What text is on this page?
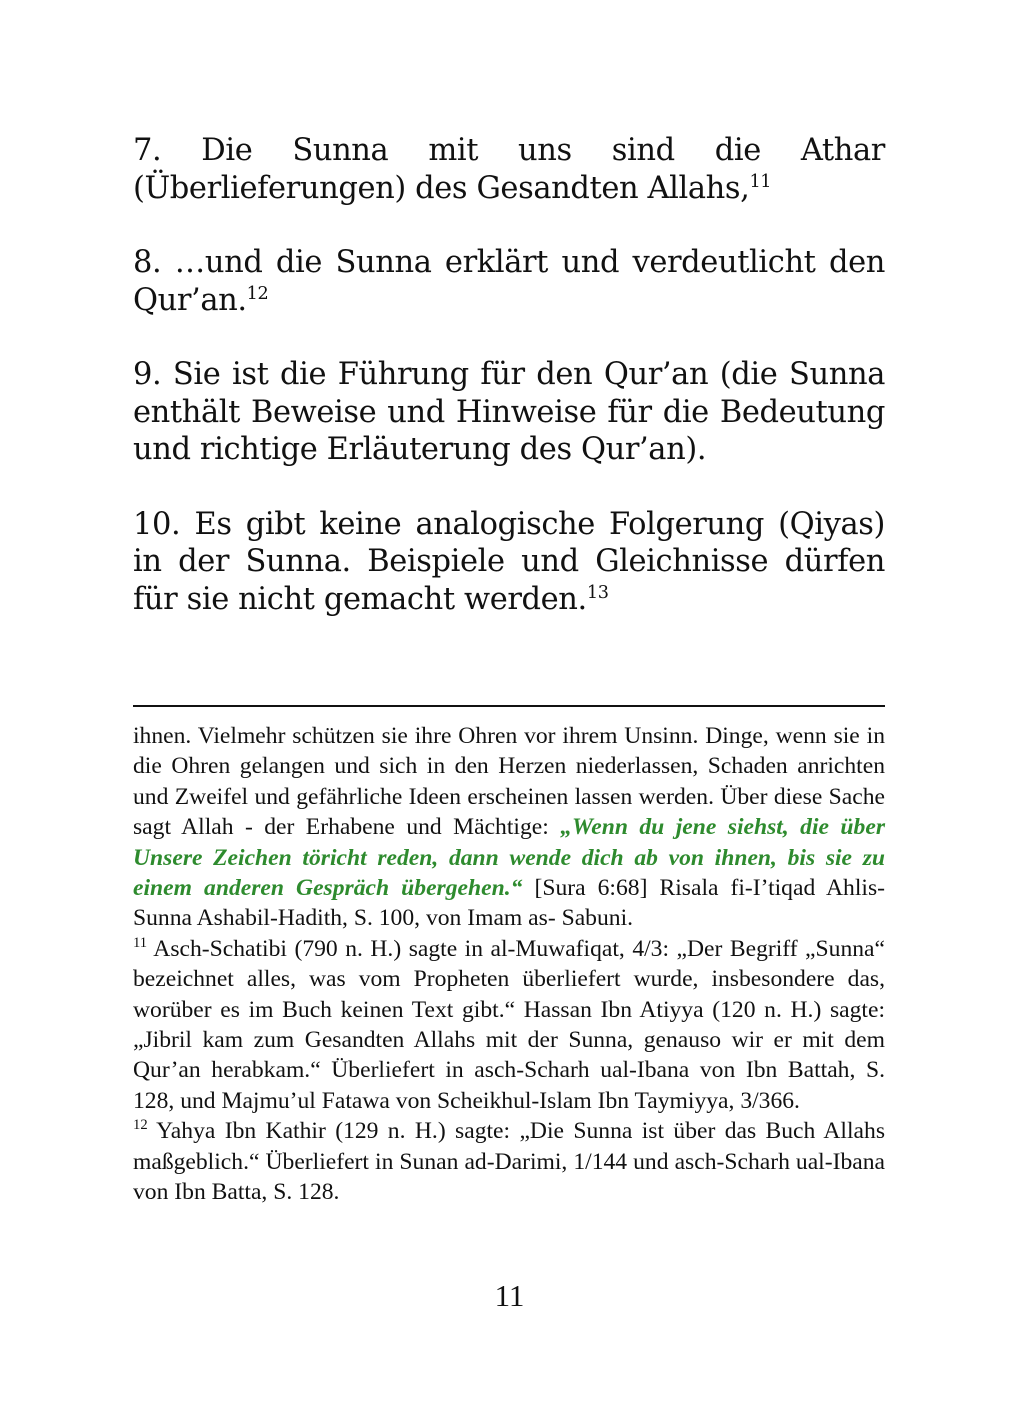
7. Die Sunna mit uns sind die Athar (Überlieferungen) des Gesandten Allahs,$^{11}$

8. …und die Sunna erklärt und verdeutlicht den Qur’an.$^{12}$

9. Sie ist die Führung für den Qur’an (die Sunna enthält Beweise und Hinweise für die Bedeutung und richtige Erläuterung des Qur’an).

10. Es gibt keine analogische Folgerung (Qiyas) in der Sunna. Beispiele und Gleichnisse dürfen für sie nicht gemacht werden.$^{13}$

ihnen. Vielmehr schützen sie ihre Ohren vor ihrem Unsinn. Dinge, wenn sie in die Ohren gelangen und sich in den Herzen niederlassen, Schaden anrichten und Zweifel und gefährliche Ideen erscheinen lassen werden. Über diese Sache sagt Allah - der Erhabene und Mächtige: „Wenn du jene siehst, die über Unsere Zeichen töricht reden, dann wende dich ab von ihnen, bis sie zu einem anderen Gespräch übergehen.“ [Sura 6:68] Risala fi-I’tiqad Ahlis-Sunna Ashabil-Hadith, S. 100, von Imam as- Sabuni.

$^{11}$ Asch-Schatibi (790 n. H.) sagte in al-Muwafiqat, 4/3: „Der Begriff „Sunna“ bezeichnet alles, was vom Propheten überliefert wurde, insbesondere das, worüber es im Buch keinen Text gibt.“ Hassan Ibn Atiyya (120 n. H.) sagte: „Jibril kam zum Gesandten Allahs mit der Sunna, genauso wir er mit dem Qur’an herabkam.“ Überliefert in asch-Scharh ual-Ibana von Ibn Battah, S. 128, und Majmu’ul Fatawa von Scheikhul-Islam Ibn Taymiyya, 3/366.

$^{12}$ Yahya Ibn Kathir (129 n. H.) sagte: „Die Sunna ist über das Buch Allahs maßgeblich.“ Überliefert in Sunan ad-Darimi, 1/144 und asch-Scharh ual-Ibana von Ibn Batta, S. 128.

11
